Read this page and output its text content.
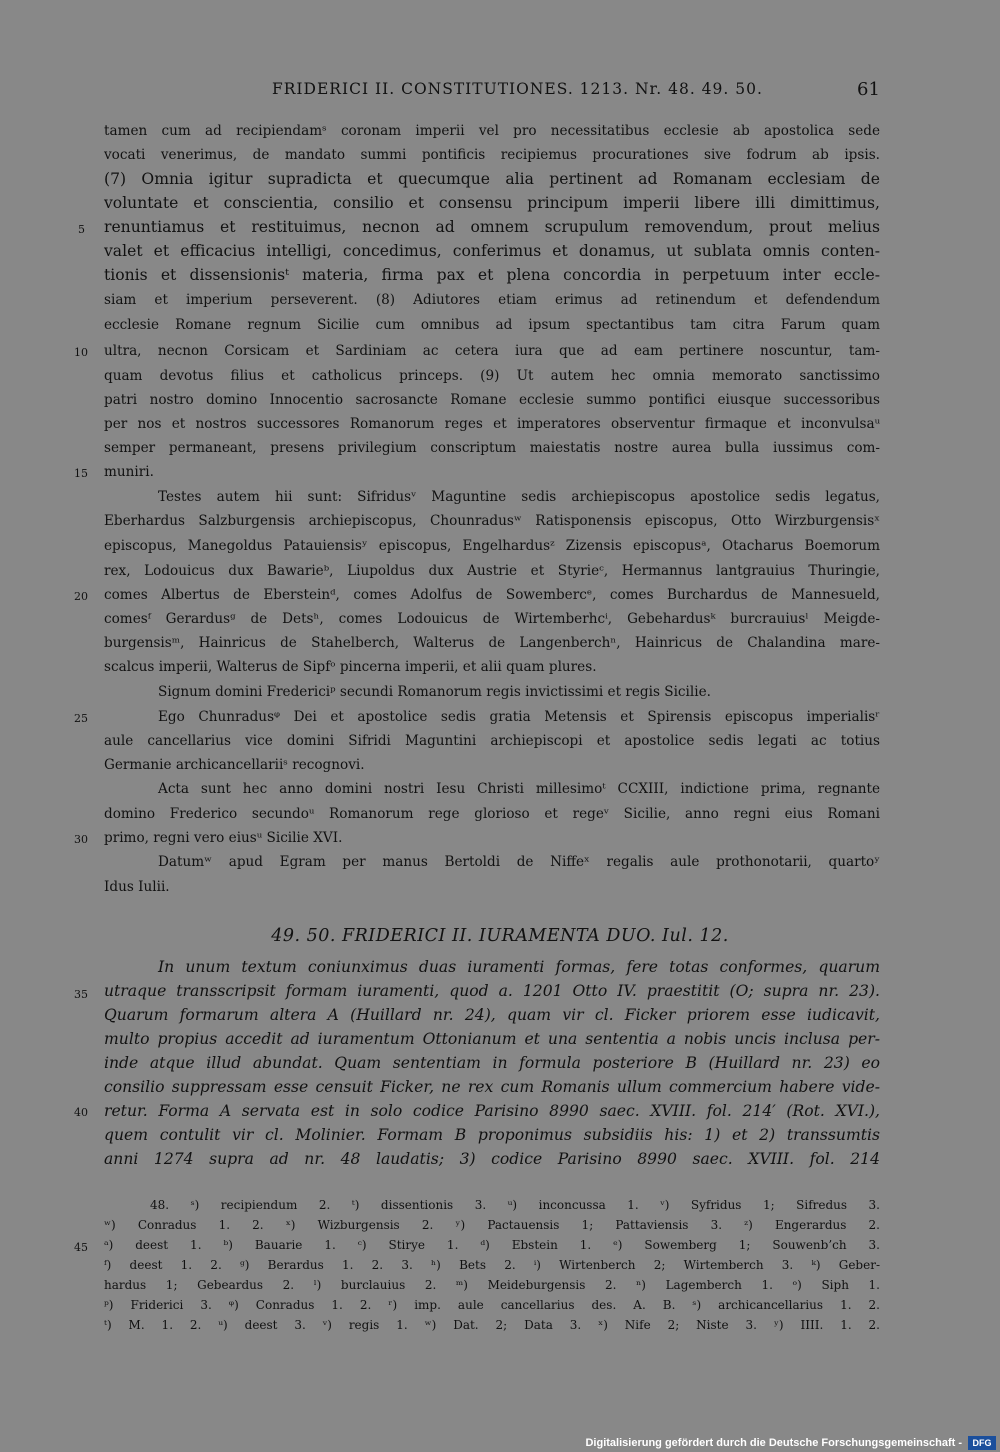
FRIDERICI II. CONSTITUTIONES. 1213. Nr. 48. 49. 50.	61
tamen cum ad recipiendamˢ coronam imperii vel pro necessitatibus ecclesie ab apostolica sede
vocati venerimus, de mandato summi pontificis recipiemus procurationes sive fodrum ab ipsis.
(7) Omnia igitur supradicta et quecumque alia pertinent ad Romanam ecclesiam de
voluntate et conscientia, consilio et consensu principum imperii libere illi dimittimus,
renuntiamus et restituimus, necnon ad omnem scrupulum removendum, prout melius
valet et efficacius intelligi, concedimus, conferimus et donamus, ut sublata omnis conten-
tionis et dissensionisᵗ materia, firma pax et plena concordia in perpetuum inter eccle-
siam et imperium perseverent. (8) Adiutores etiam erimus ad retinendum et defendendum
ecclesie Romane regnum Sicilie cum omnibus ad ipsum spectantibus tam citra Farum quam
ultra, necnon Corsicam et Sardiniam ac cetera iura que ad eam pertinere noscuntur, tam-
quam devotus filius et catholicus princeps. (9) Ut autem hec omnia memorato sanctissimo
patri nostro domino Innocentio sacrosancte Romane ecclesie summo pontifici eiusque successoribus
per nos et nostros successores Romanorum reges et imperatores observentur firmaque et inconvulsaᵘ
semper permaneant, presens privilegium conscriptum maiestatis nostre aurea bulla iussimus com-
muniri.
Testes autem hii sunt: Sifridusᵛ Maguntine sedis archiepiscopus apostolice sedis legatus,
Eberhardus Salzburgensis archiepiscopus, Chounradusʷ Ratisponensis episcopus, Otto Wirzburgensisˣ
episcopus, Manegoldus Patauiensisʸ episcopus, Engelhardusᶻ Zizensis episcopusᵃ, Otacharus Boemorum
rex, Lodouicus dux Bawarieᵇ, Liupoldus dux Austrie et Styrieᶜ, Hermannus lantgrauius Thuringie,
comes Albertus de Ebersteinᵈ, comes Adolfus de Sowembercᵉ, comes Burchardus de Mannesueld,
comesᶠ Gerardusᵍ de Detsʰ, comes Lodouicus de Wirtemberhcⁱ, Gebehardusᵏ burcrauiusˡ Meigde-
burgensisᵐ, Hainricus de Stahelberch, Walterus de Langenberchⁿ, Hainricus de Chalandina mare-
scalcus imperii, Walterus de Sipfᵒ pincerna imperii, et alii quam plures.
Signum domini Fredericiᵖ secundi Romanorum regis invictissimi et regis Sicilie.
Ego Chunradusᵠ Dei et apostolice sedis gratia Metensis et Spirensis episcopus imperialisʳ
aule cancellarius vice domini Sifridi Maguntini archiepiscopi et apostolice sedis legati ac totius
Germanie archicancellariiˢ recognovi.
Acta sunt hec anno domini nostri Iesu Christi millesimoᵗ CCXIII, indictione prima, regnante
domino Frederico secundoᵘ Romanorum rege glorioso et regeᵛ Sicilie, anno regni eius Romani
primo, regni vero eiusᵘ Sicilie XVI.
Datumʷ apud Egram per manus Bertoldi de Niffeˣ regalis aule prothonotarii, quartoʸ
Idus Iulii.
5
10
15
20
25
30
35
40
45
49. 50. FRIDERICI II. IURAMENTA DUO. Iul. 12.
In unum textum coniunximus duas iuramenti formas, fere totas conformes, quarum
utraque transscripsit formam iuramenti, quod a. 1201 Otto IV. praestitit (O; supra nr. 23).
Quarum formarum altera A (Huillard nr. 24), quam vir cl. Ficker priorem esse iudicavit,
multo propius accedit ad iuramentum Ottonianum et una sententia a nobis uncis inclusa per-
inde atque illud abundat. Quam sententiam in formula posteriore B (Huillard nr. 23) eo
consilio suppressam esse censuit Ficker, ne rex cum Romanis ullum commercium habere vide-
retur. Forma A servata est in solo codice Parisino 8990 saec. XVIII. fol. 214′ (Rot. XVI.),
quem contulit vir cl. Molinier. Formam B proponimus subsidiis his: 1) et 2) transsumtis
anni 1274 supra ad nr. 48 laudatis; 3) codice Parisino 8990 saec. XVIII. fol. 214
48. ˢ) recipiendum 2. ᵗ) dissentionis 3. ᵘ) inconcussa 1. ᵛ) Syfridus 1; Sifredus 3.
ʷ) Conradus 1. 2. ˣ) Wizburgensis 2. ʸ) Pactauensis 1; Pattaviensis 3. ᶻ) Engerardus 2.
ᵃ) deest 1. ᵇ) Bauarie 1. ᶜ) Stirye 1. ᵈ) Ebstein 1. ᵉ) Sowemberg 1; Souwenb’ch 3.
ᶠ) deest 1. 2. ᵍ) Berardus 1. 2. 3. ʰ) Bets 2. ⁱ) Wirtenberch 2; Wirtemberch 3. ᵏ) Geber-
hardus 1; Gebeardus 2. ˡ) burclauius 2. ᵐ) Meideburgensis 2. ⁿ) Lagemberch 1. ᵒ) Siph 1.
ᵖ) Friderici 3. ᵠ) Conradus 1. 2. ʳ) imp. aule cancellarius des. A. B. ˢ) archicancellarius 1. 2.
ᵗ) M. 1. 2. ᵘ) deest 3. ᵛ) regis 1. ʷ) Dat. 2; Data 3. ˣ) Nife 2; Niste 3. ʸ) IIII. 1. 2.
Digitalisierung gefördert durch die Deutsche Forschungsgemeinschaft -	DFG
